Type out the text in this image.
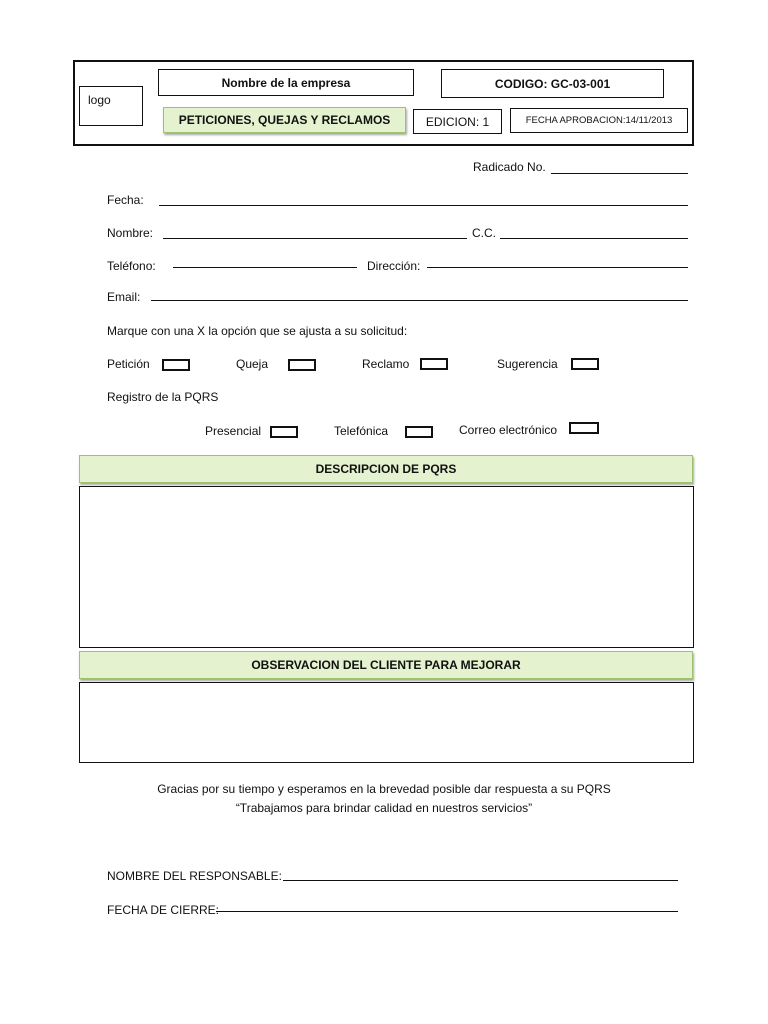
logo
Nombre de la empresa	CODIGO: GC-03-001
PETICIONES, QUEJAS Y RECLAMOS	EDICION: 1	FECHA APROBACION:14/11/2013
Radicado No.
Fecha:
Nombre:	C.C.
Teléfono:	Dirección:
Email:
Marque con una X la opción que se ajusta a su solicitud:
Petición	Queja	Reclamo	Sugerencia
Registro de la PQRS
Presencial	Telefónica	Correo electrónico
DESCRIPCION DE PQRS
OBSERVACION DEL CLIENTE PARA MEJORAR
Gracias por su tiempo y esperamos en la brevedad posible dar respuesta a su PQRS
“Trabajamos para brindar calidad en nuestros servicios”
NOMBRE DEL RESPONSABLE:
FECHA DE CIERRE:
